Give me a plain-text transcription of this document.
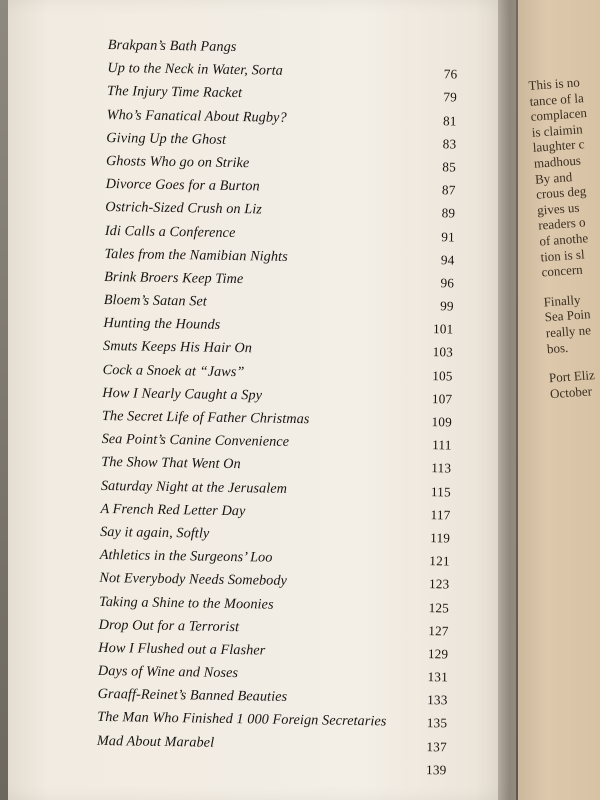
Brakpan’s Bath Pangs
Up to the Neck in Water, Sorta	76
The Injury Time Racket	79
Who’s Fanatical About Rugby?	81
Giving Up the Ghost	83
Ghosts Who go on Strike	85
Divorce Goes for a Burton	87
Ostrich-Sized Crush on Liz	89
Idi Calls a Conference	91
Tales from the Namibian Nights	94
Brink Broers Keep Time	96
Bloem’s Satan Set	99
Hunting the Hounds	101
Smuts Keeps His Hair On	103
Cock a Snoek at “Jaws”	105
How I Nearly Caught a Spy	107
The Secret Life of Father Christmas	109
Sea Point’s Canine Convenience	111
The Show That Went On	113
Saturday Night at the Jerusalem	115
A French Red Letter Day	117
Say it again, Softly	119
Athletics in the Surgeons’ Loo	121
Not Everybody Needs Somebody	123
Taking a Shine to the Moonies	125
Drop Out for a Terrorist	127
How I Flushed out a Flasher	129
Days of Wine and Noses	131
Graaff-Reinet’s Banned Beauties	133
The Man Who Finished 1 000 Foreign Secretaries	135
Mad About Marabel	137
139
This is no
tance of la
complacen
is claimin
laughter c
madhous
By and
crous deg
gives us
readers o
of anothe
tion is sl
concern
Finally
Sea Poin
really ne
bos.
Port Eliz
October
